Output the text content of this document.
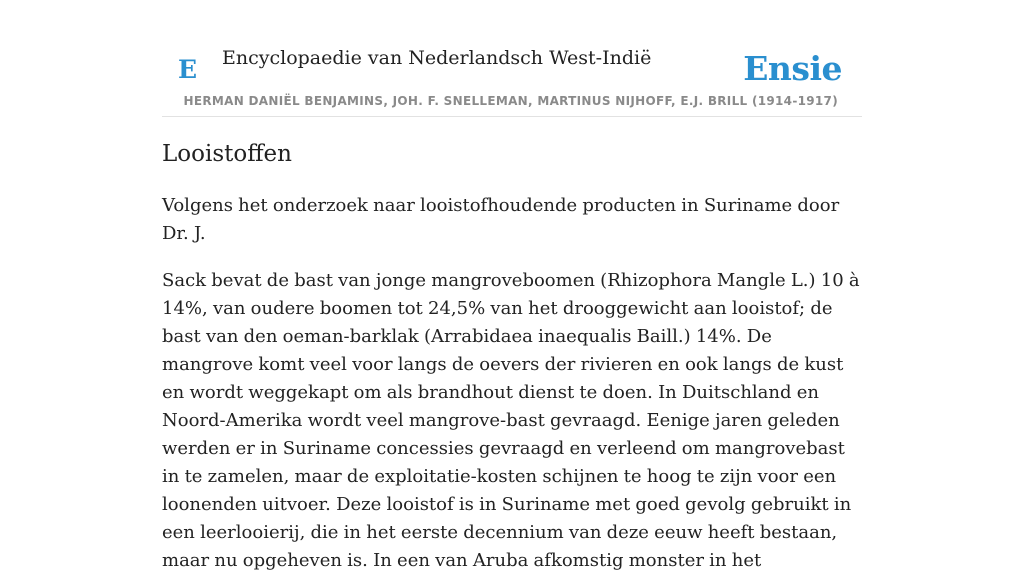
E Encyclopaedie van Nederlandsch West-Indië	Ensie
HERMAN DANIËL BENJAMINS, JOH. F. SNELLEMAN, MARTINUS NIJHOFF, E.J. BRILL (1914-1917)
Looistoffen

Volgens het onderzoek naar looistofhoudende producten in Suriname door Dr. J.

Sack bevat de bast van jonge mangroveboomen (Rhizophora Mangle L.) 10 à 14%, van oudere boomen tot 24,5% van het drooggewicht aan looistof; de bast van den oeman-barklak (Arrabidaea inaequalis Baill.) 14%. De mangrove komt veel voor langs de oevers der rivieren en ook langs de kust en wordt weggekapt om als brandhout dienst te doen. In Duitschland en Noord-Amerika wordt veel mangrove-bast gevraagd. Eenige jaren geleden werden er in Suriname concessies gevraagd en verleend om mangrovebast in te zamelen, maar de exploitatie-kosten schijnen te hoog te zijn voor een loonenden uitvoer. Deze looistof is in Suriname met goed gevolg gebruikt in een leerlooierij, die in het eerste decennium van deze eeuw heeft bestaan, maar nu opgeheven is. In een van Aruba afkomstig monster in het
